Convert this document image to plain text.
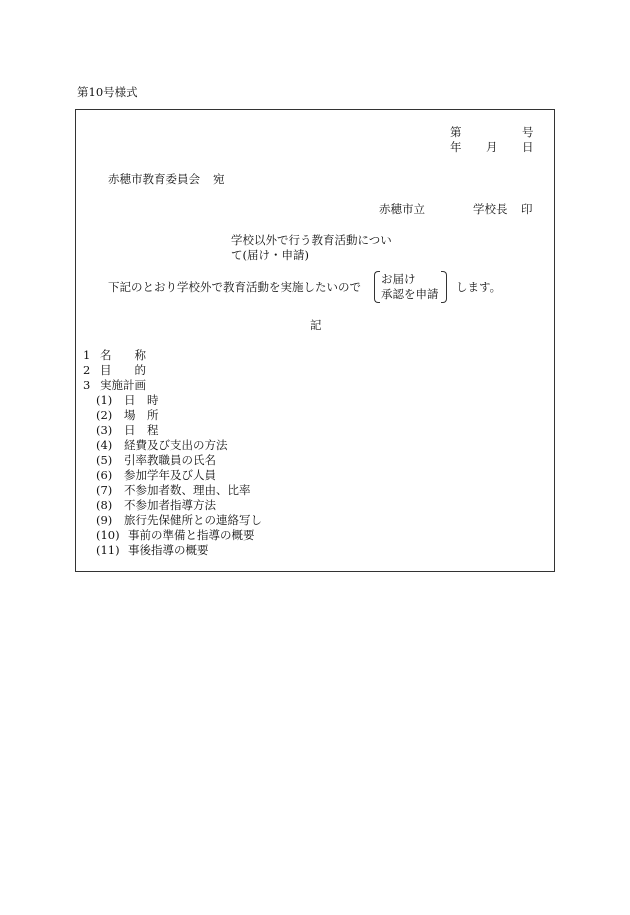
第10号様式
第	号
年 月 日
赤穂市教育委員会 宛
赤穂市立	学校長 印
学校以外で行う教育活動につい
て(届け・申請)
下記のとおり学校外で教育活動を実施したいので
お届け
承認を申請 します。
記
1 名　　称
2 目　　的
3 実施計画
(1) 日　時
(2) 場　所
(3) 日　程
(4) 経費及び支出の方法
(5) 引率教職員の氏名
(6) 参加学年及び人員
(7) 不参加者数、理由、比率
(8) 不参加者指導方法
(9) 旅行先保健所との連絡写し
(10) 事前の準備と指導の概要
(11) 事後指導の概要
